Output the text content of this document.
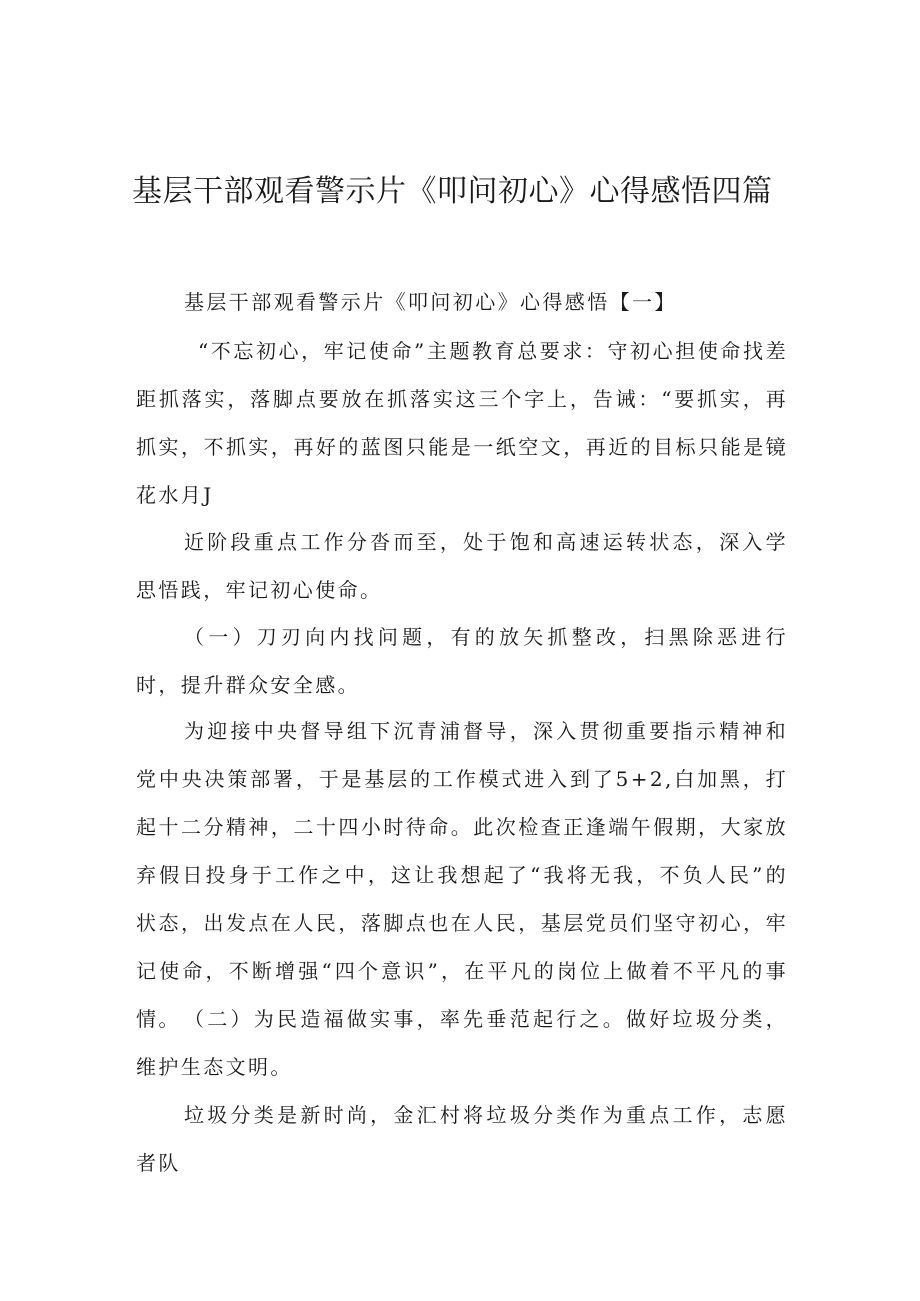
基层干部观看警示片《叩问初心》心得感悟四篇

基层干部观看警示片《叩问初心》心得感悟【一】

“不忘初心，牢记使命”主题教育总要求：守初心担使命找差距抓落实，落脚点要放在抓落实这三个字上，告诫：“要抓实，再抓实，不抓实，再好的蓝图只能是一纸空文，再近的目标只能是镜花水月J

近阶段重点工作分沓而至，处于饱和高速运转状态，深入学思悟践，牢记初心使命。

（一）刀刃向内找问题，有的放矢抓整改，扫黑除恶进行时，提升群众安全感。

为迎接中央督导组下沉青浦督导，深入贯彻重要指示精神和党中央决策部署，于是基层的工作模式进入到了5+2,白加黑，打起十二分精神，二十四小时待命。此次检查正逢端午假期，大家放弃假日投身于工作之中，这让我想起了“我将无我，不负人民”的状态，出发点在人民，落脚点也在人民，基层党员们坚守初心，牢记使命，不断增强“四个意识”，在平凡的岗位上做着不平凡的事情。 （二）为民造福做实事，率先垂范起行之。做好垃圾分类，维护生态文明。

垃圾分类是新时尚，金汇村将垃圾分类作为重点工作，志愿者队
